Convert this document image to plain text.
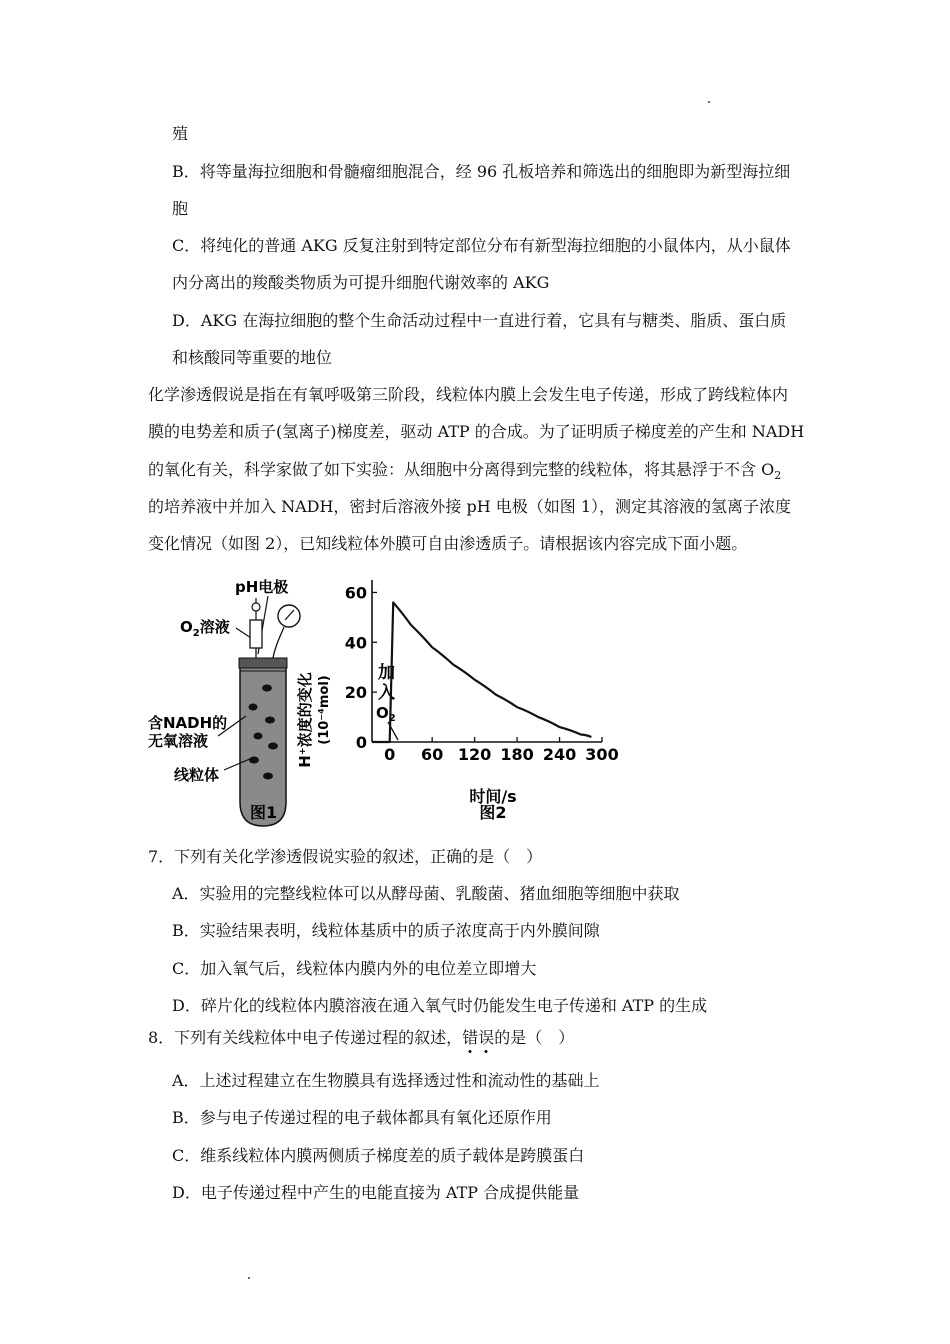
殖
B．将等量海拉细胞和骨髓瘤细胞混合，经 96 孔板培养和筛选出的细胞即为新型海拉细
胞
C．将纯化的普通 AKG 反复注射到特定部位分布有新型海拉细胞的小鼠体内，从小鼠体
内分离出的羧酸类物质为可提升细胞代谢效率的 AKG
D．AKG 在海拉细胞的整个生命活动过程中一直进行着，它具有与糖类、脂质、蛋白质
和核酸同等重要的地位
化学渗透假说是指在有氧呼吸第三阶段，线粒体内膜上会发生电子传递，形成了跨线粒体内
膜的电势差和质子(氢离子)梯度差，驱动 ATP 的合成。为了证明质子梯度差的产生和 NADH
的氧化有关，科学家做了如下实验：从细胞中分离得到完整的线粒体，将其悬浮于不含 $O_2$
的培养液中并加入 NADH，密封后溶液外接 pH 电极（如图 1），测定其溶液的氢离子浓度
变化情况（如图 2），已知线粒体外膜可自由渗透质子。请根据该内容完成下面小题。
pH电极
$O_2$溶液
含NADH的
无氧溶液
线粒体
图1
H⁺浓度的变化 (10⁻⁴mol)
加
入
$O_2$
时间/s
图2
0 60 120 180 240 300
0
20
40
60
7．下列有关化学渗透假说实验的叙述，正确的是（　）
A．实验用的完整线粒体可以从酵母菌、乳酸菌、猪血细胞等细胞中获取
B．实验结果表明，线粒体基质中的质子浓度高于内外膜间隙
C．加入氧气后，线粒体内膜内外的电位差立即增大
D．碎片化的线粒体内膜溶液在通入氧气时仍能发生电子传递和 ATP 的生成
8．下列有关线粒体中电子传递过程的叙述，错误的是（　）
A．上述过程建立在生物膜具有选择透过性和流动性的基础上
B．参与电子传递过程的电子载体都具有氧化还原作用
C．维系线粒体内膜两侧质子梯度差的质子载体是跨膜蛋白
D．电子传递过程中产生的电能直接为 ATP 合成提供能量
